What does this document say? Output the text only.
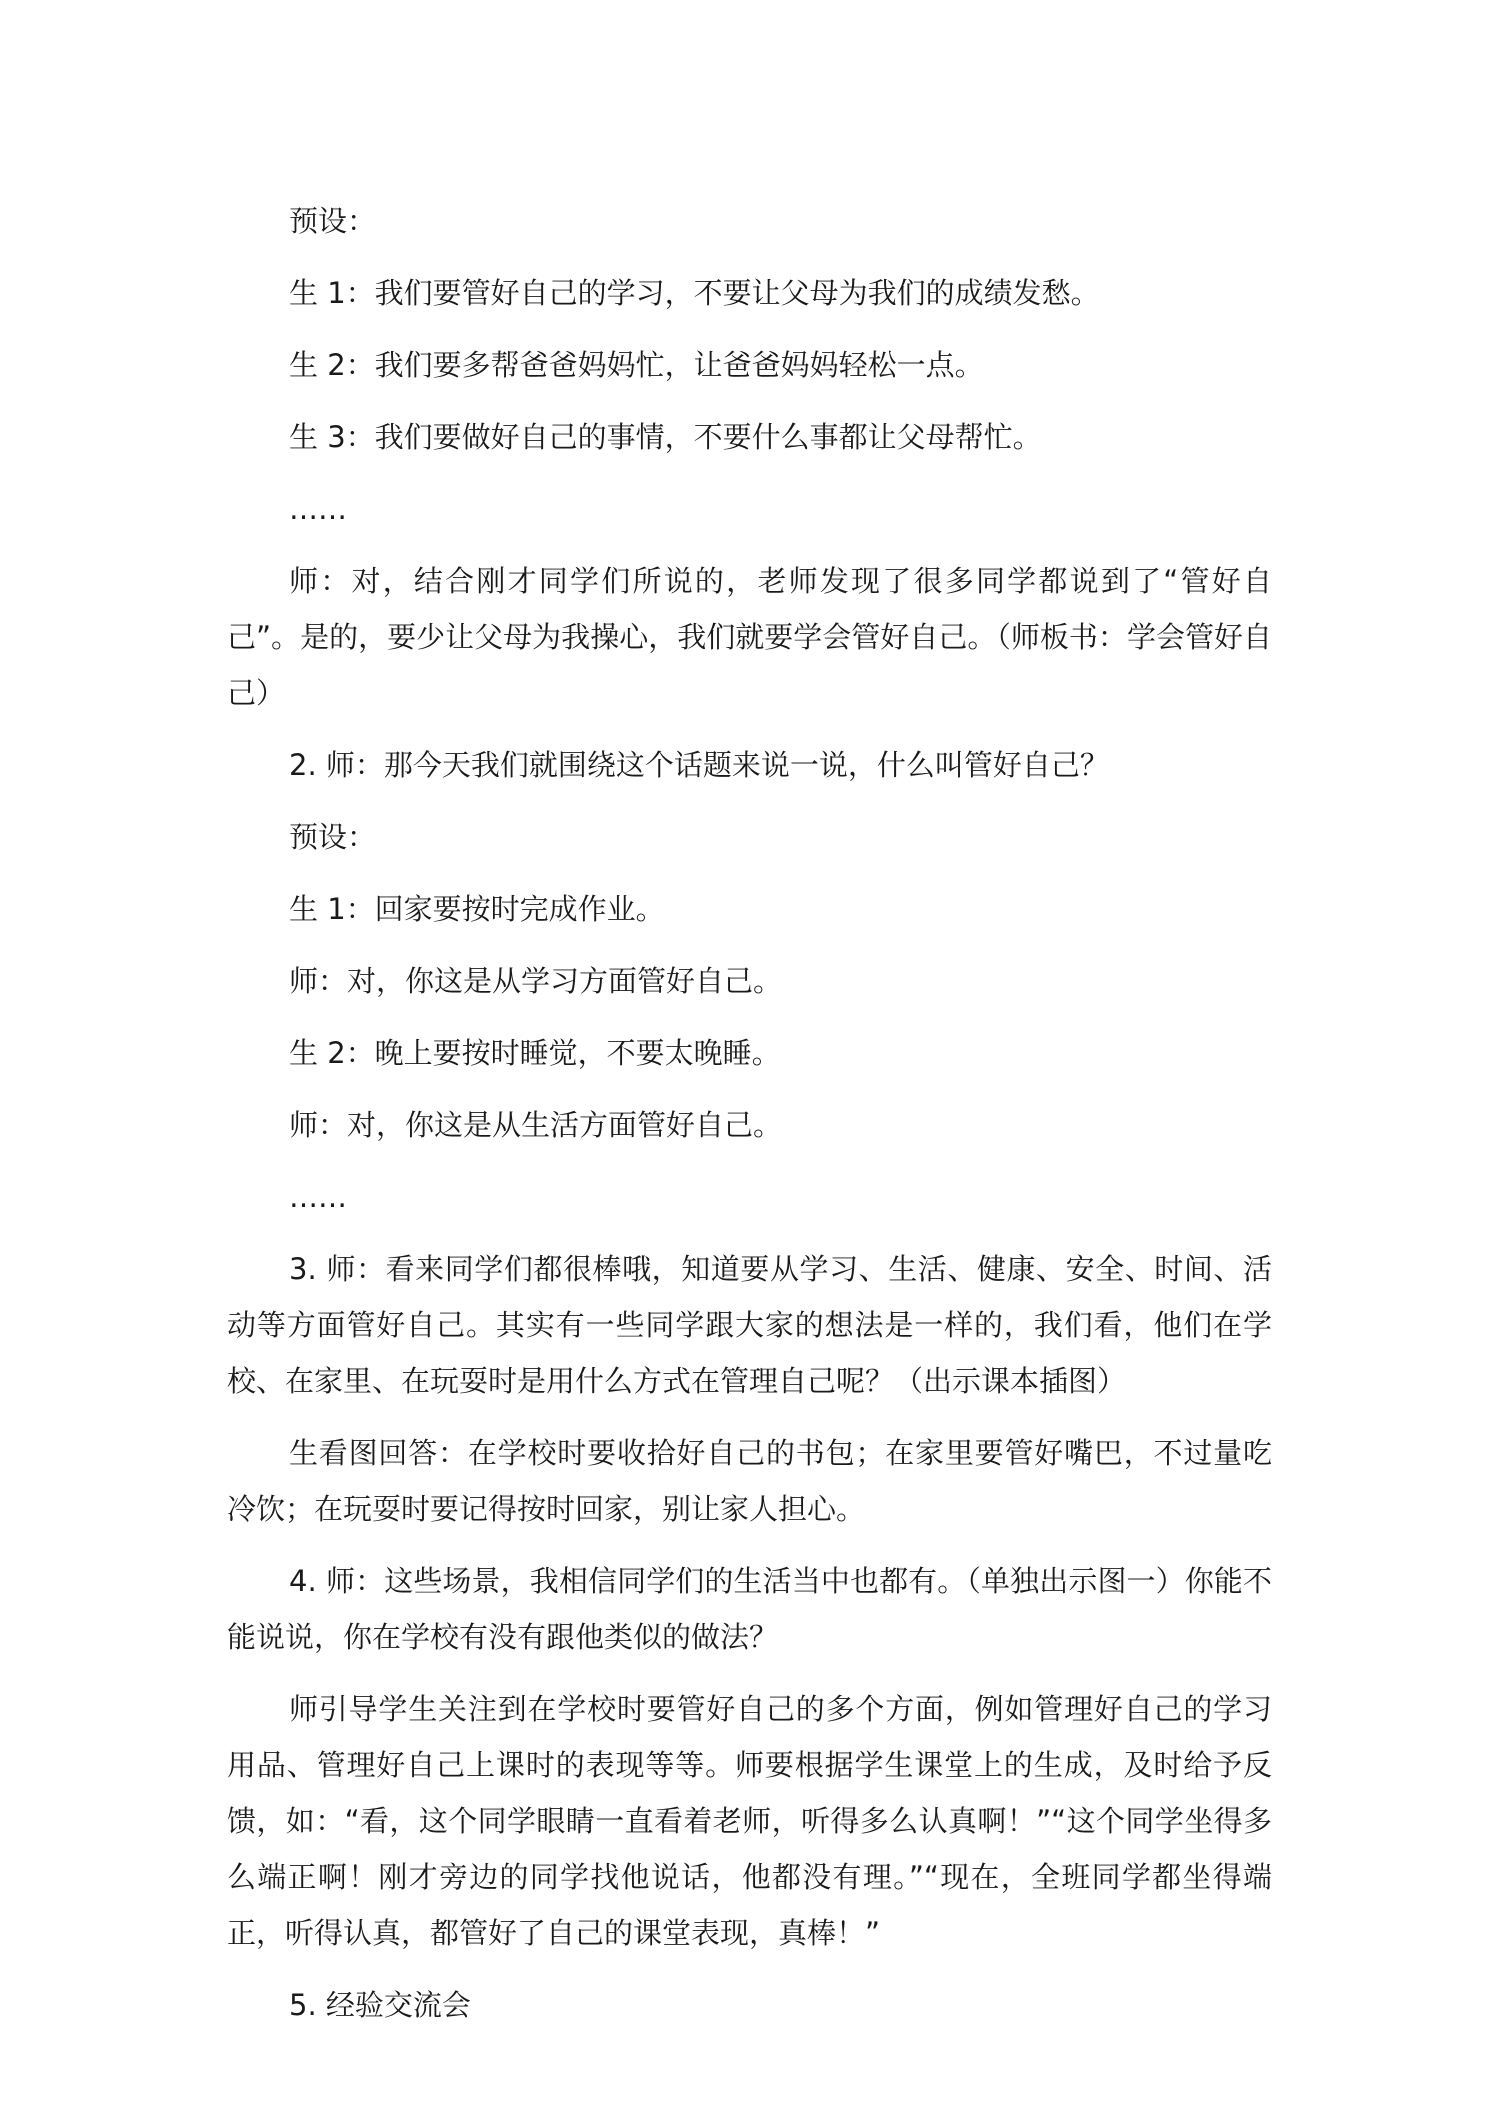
预设：

生 1：我们要管好自己的学习，不要让父母为我们的成绩发愁。

生 2：我们要多帮爸爸妈妈忙，让爸爸妈妈轻松一点。

生 3：我们要做好自己的事情，不要什么事都让父母帮忙。

……

师：对，结合刚才同学们所说的，老师发现了很多同学都说到了“管好自己”。是的，要少让父母为我操心，我们就要学会管好自己。（师板书：学会管好自己）

2. 师：那今天我们就围绕这个话题来说一说，什么叫管好自己？

预设：

生 1：回家要按时完成作业。

师：对，你这是从学习方面管好自己。

生 2：晚上要按时睡觉，不要太晚睡。

师：对，你这是从生活方面管好自己。

……

3. 师：看来同学们都很棒哦，知道要从学习、生活、健康、安全、时间、活动等方面管好自己。其实有一些同学跟大家的想法是一样的，我们看，他们在学校、在家里、在玩耍时是用什么方式在管理自己呢？（出示课本插图）

生看图回答：在学校时要收拾好自己的书包；在家里要管好嘴巴，不过量吃冷饮；在玩耍时要记得按时回家，别让家人担心。

4. 师：这些场景，我相信同学们的生活当中也都有。（单独出示图一）你能不能说说，你在学校有没有跟他类似的做法？

师引导学生关注到在学校时要管好自己的多个方面，例如管理好自己的学习用品、管理好自己上课时的表现等等。师要根据学生课堂上的生成，及时给予反馈，如：“看，这个同学眼睛一直看着老师，听得多么认真啊！”“这个同学坐得多么端正啊！刚才旁边的同学找他说话，他都没有理。”“现在，全班同学都坐得端正，听得认真，都管好了自己的课堂表现，真棒！”

5. 经验交流会
